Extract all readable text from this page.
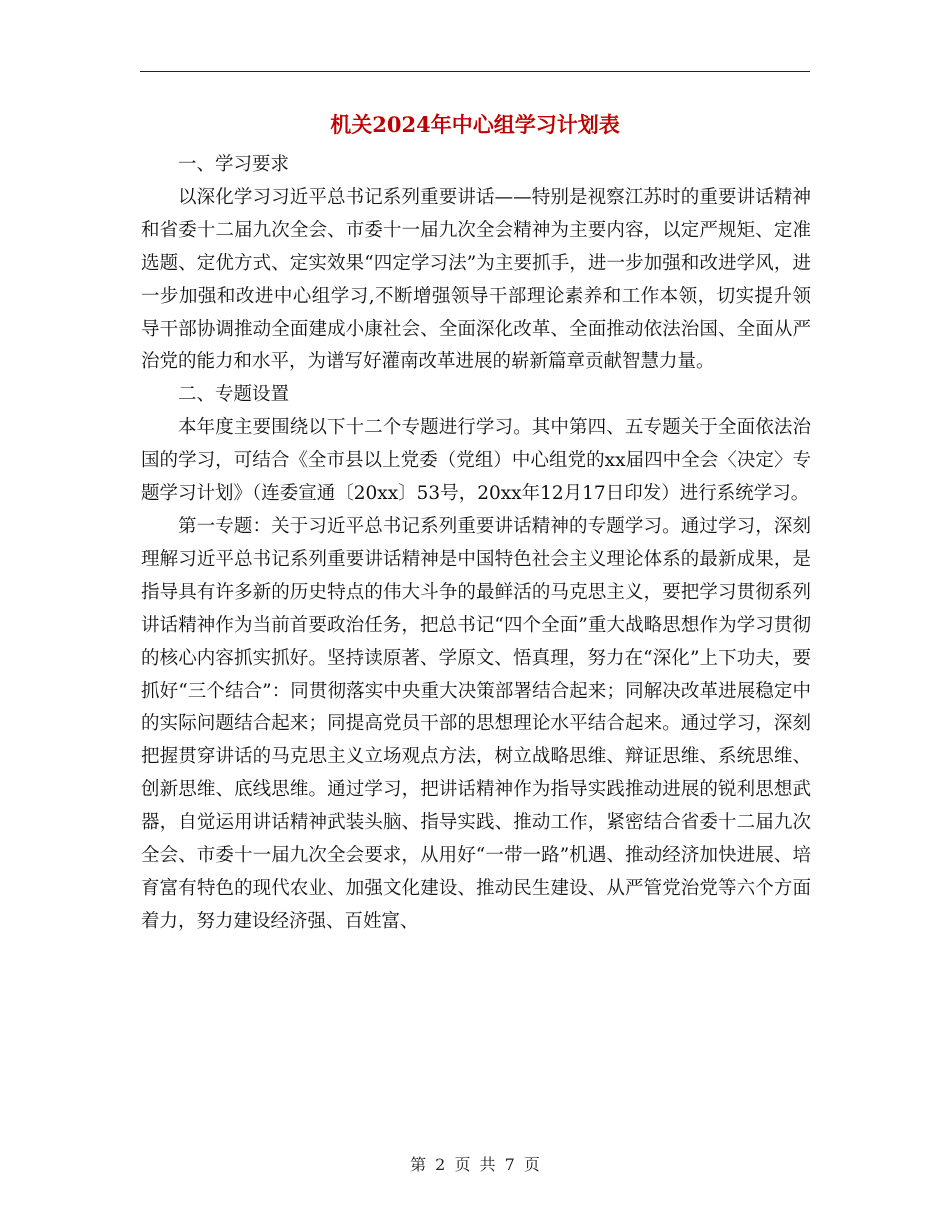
机关2024年中心组学习计划表

一、学习要求

以深化学习习近平总书记系列重要讲话——特别是视察江苏时的重要讲话精神和省委十二届九次全会、市委十一届九次全会精神为主要内容，以定严规矩、定准选题、定优方式、定实效果“四定学习法”为主要抓手，进一步加强和改进学风，进一步加强和改进中心组学习,不断增强领导干部理论素养和工作本领，切实提升领导干部协调推动全面建成小康社会、全面深化改革、全面推动依法治国、全面从严治党的能力和水平，为谱写好灌南改革进展的崭新篇章贡献智慧力量。

二、专题设置

本年度主要围绕以下十二个专题进行学习。其中第四、五专题关于全面依法治国的学习，可结合《全市县以上党委（党组）中心组党的xx届四中全会〈决定〉专题学习计划》（连委宣通〔20xx〕53号，20xx年12月17日印发）进行系统学习。

第一专题：关于习近平总书记系列重要讲话精神的专题学习。通过学习，深刻理解习近平总书记系列重要讲话精神是中国特色社会主义理论体系的最新成果，是指导具有许多新的历史特点的伟大斗争的最鲜活的马克思主义，要把学习贯彻系列讲话精神作为当前首要政治任务，把总书记“四个全面”重大战略思想作为学习贯彻的核心内容抓实抓好。坚持读原著、学原文、悟真理，努力在“深化”上下功夫，要抓好“三个结合”：同贯彻落实中央重大决策部署结合起来；同解决改革进展稳定中的实际问题结合起来；同提高党员干部的思想理论水平结合起来。通过学习，深刻把握贯穿讲话的马克思主义立场观点方法，树立战略思维、辩证思维、系统思维、创新思维、底线思维。通过学习，把讲话精神作为指导实践推动进展的锐利思想武器，自觉运用讲话精神武装头脑、指导实践、推动工作，紧密结合省委十二届九次全会、市委十一届九次全会要求，从用好“一带一路”机遇、推动经济加快进展、培育富有特色的现代农业、加强文化建设、推动民生建设、从严管党治党等六个方面着力，努力建设经济强、百姓富、

第 2 页 共 7 页
